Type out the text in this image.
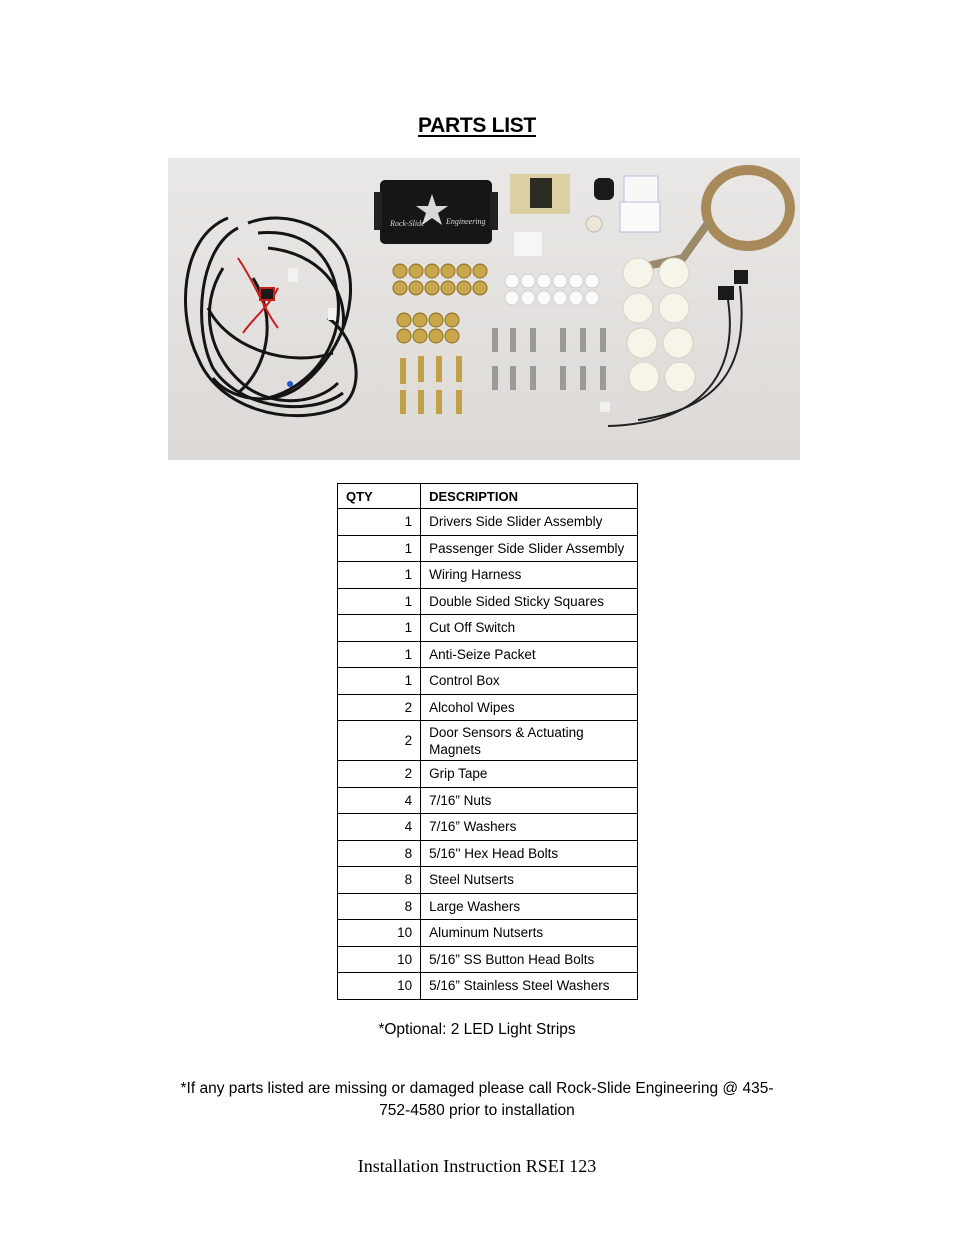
PARTS LIST
Rock-Slide	Engineering
QTY	DESCRIPTION
1	Drivers Side Slider Assembly
1	Passenger Side Slider Assembly
1	Wiring Harness
1	Double Sided Sticky Squares
1	Cut Off Switch
1	Anti-Seize Packet
1	Control Box
2	Alcohol Wipes
2	Door Sensors & Actuating Magnets
2	Grip Tape
4	7/16” Nuts
4	7/16” Washers
8	5/16'' Hex Head Bolts
8	Steel Nutserts
8	Large Washers
10	Aluminum Nutserts
10	5/16” SS Button Head Bolts
10	5/16” Stainless Steel Washers
*Optional: 2 LED Light Strips
*If any parts listed are missing or damaged please call Rock-Slide Engineering @ 435-752-4580 prior to installation
Installation Instruction RSEI 123
